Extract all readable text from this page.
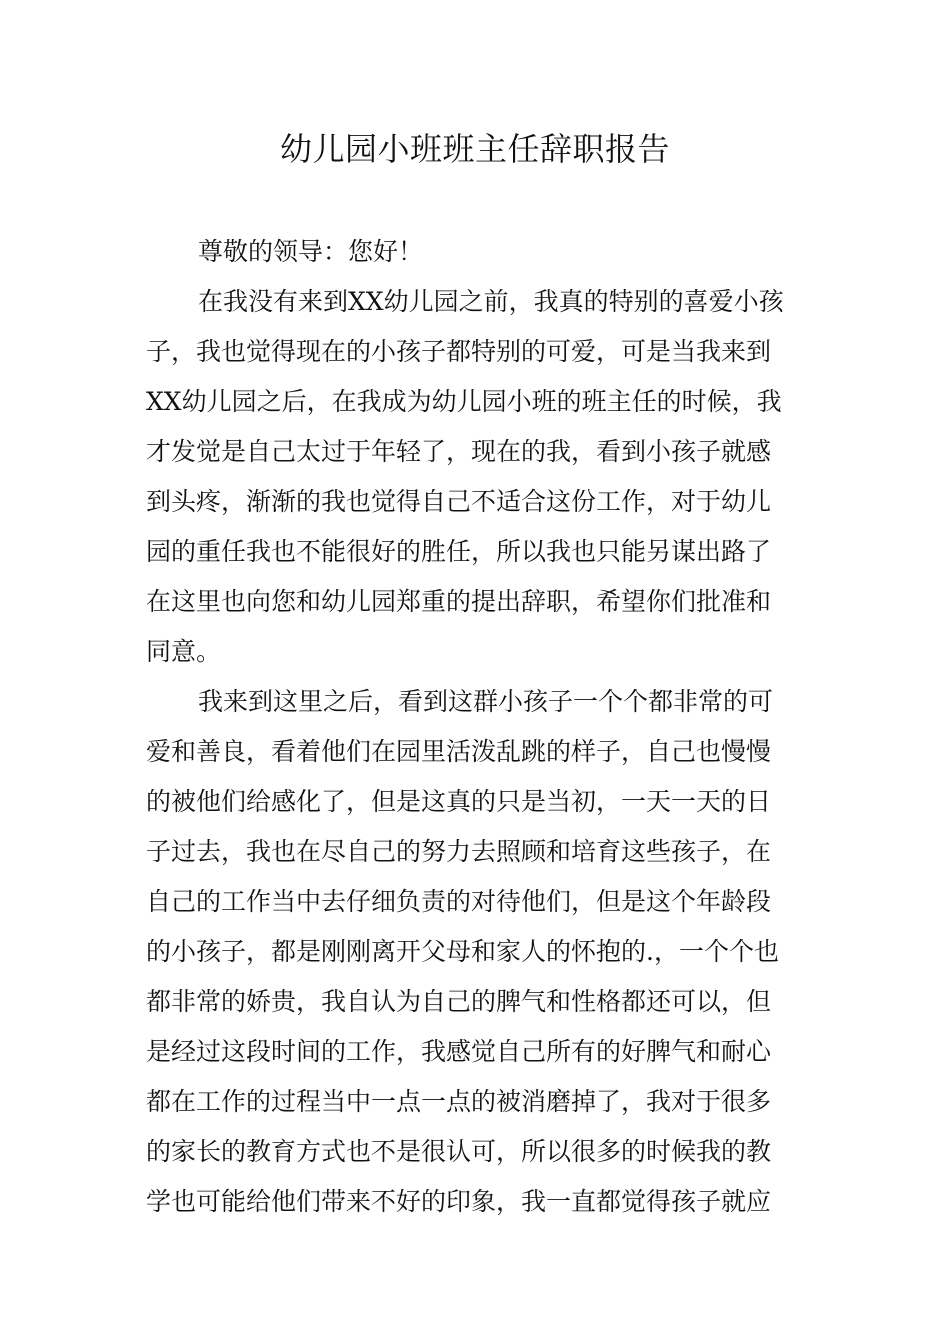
幼儿园小班班主任辞职报告
尊敬的领导：您好！
在我没有来到XX幼儿园之前，我真的特别的喜爱小孩
子，我也觉得现在的小孩子都特别的可爱，可是当我来到
XX幼儿园之后，在我成为幼儿园小班的班主任的时候，我
才发觉是自己太过于年轻了，现在的我，看到小孩子就感
到头疼，渐渐的我也觉得自己不适合这份工作，对于幼儿
园的重任我也不能很好的胜任，所以我也只能另谋出路了
在这里也向您和幼儿园郑重的提出辞职，希望你们批准和
同意。
我来到这里之后，看到这群小孩子一个个都非常的可
爱和善良，看着他们在园里活泼乱跳的样子，自己也慢慢
的被他们给感化了，但是这真的只是当初，一天一天的日
子过去，我也在尽自己的努力去照顾和培育这些孩子，在
自己的工作当中去仔细负责的对待他们，但是这个年龄段
的小孩子，都是刚刚离开父母和家人的怀抱的.，一个个也
都非常的娇贵，我自认为自己的脾气和性格都还可以，但
是经过这段时间的工作，我感觉自己所有的好脾气和耐心
都在工作的过程当中一点一点的被消磨掉了，我对于很多
的家长的教育方式也不是很认可，所以很多的时候我的教
学也可能给他们带来不好的印象，我一直都觉得孩子就应
